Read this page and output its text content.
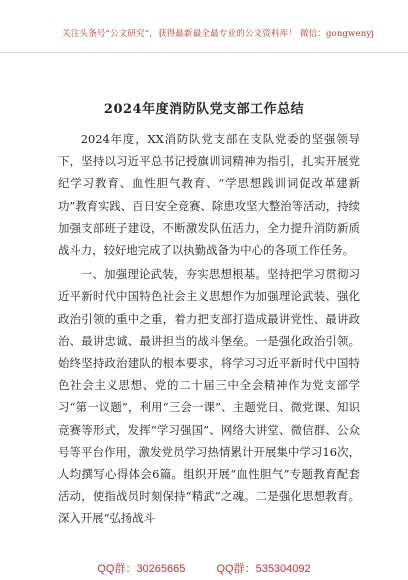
关注头条号“公文研究”，获得最新最全最专业的公文资料库！ 微信：gongwenyj
2024年度消防队党支部工作总结

2024年度，XX消防队党支部在支队党委的坚强领导下，坚持以习近平总书记授旗训词精神为指引，扎实开展党纪学习教育、血性胆气教育、“学思想践训词促改革建新功”教育实践、百日安全竞赛、除患攻坚大整治等活动，持续加强支部班子建设，不断激发队伍活力，全力提升消防新质战斗力，较好地完成了以执勤战备为中心的各项工作任务。

一、加强理论武装，夯实思想根基。坚持把学习贯彻习近平新时代中国特色社会主义思想作为加强理论武装、强化政治引领的重中之重，着力把支部打造成最讲党性、最讲政治、最讲忠诚、最讲担当的战斗堡垒。一是强化政治引领。始终坚持政治建队的根本要求，将学习习近平新时代中国特色社会主义思想、党的二十届三中全会精神作为党支部学习“第一议题”，利用“三会一课”、主题党日、微党课、知识竞赛等形式，发挥“学习强国”、网络大讲堂、微信群、公众号等平台作用，激发党员学习热情累计开展集中学习16次，人均撰写心得体会6篇。组织开展“血性胆气”专题教育配套活动，使指战员时刻保持“精武”之魂。二是强化思想教育。深入开展“弘扬战斗

QQ群：30265665	QQ群：535304092
